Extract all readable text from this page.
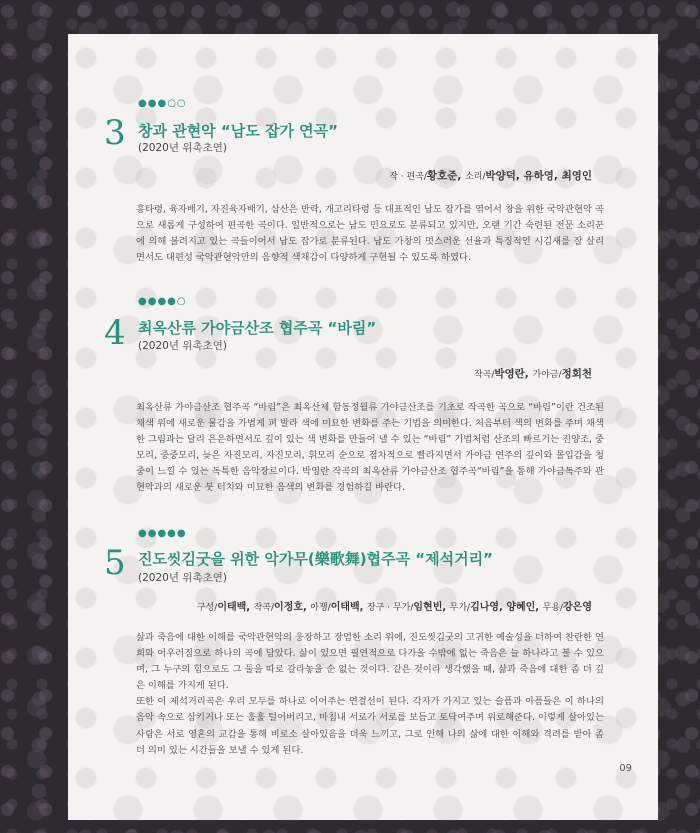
●●●○○
3 창과 관현악 “남도 잡가 연곡”
(2020년 위촉초연)
작 · 편곡/황호준, 소리/박양덕, 유하영, 최영인

흥타령, 육자배기, 자진육자배기, 삼산은 반락, 개고리타령 등 대표적인 남도 잡가를 엮어서 창을 위한 국악관현악 곡으로 새롭게 구성하여 편곡한 곡이다. 일반적으로는 남도 민요로도 분류되고 있지만, 오랜 기간 숙련된 전문 소리꾼에 의해 불려지고 있는 곡들이어서 남도 잡가로 분류된다. 남도 가창의 멋스러운 선율과 특징적인 시김새를 잘 살리면서도 대편성 국악관현악만의 음향적 색채감이 다양하게 구현될 수 있도록 하였다.

●●●●○
4 최옥산류 가야금산조 협주곡 “바림”
(2020년 위촉초연)
작곡/박영란, 가야금/정회천

최옥산류 가야금산조 협주곡 “바림”은 최옥산제 함동정월류 가야금산조를 기초로 작곡한 곡으로 “바림”이란 건조된 채색 위에 새로운 물감을 가볍게 펴 발라 색에 미묘한 변화를 주는 기법을 의미한다. 처음부터 색의 변화를 주며 채색한 그림과는 달리 은은하면서도 깊이 있는 색 변화를 만들어 낼 수 있는 “바림” 기법처럼 산조의 빠르기는 진양조, 중모리, 중중모리, 늦은 자진모리, 자진모리, 휘모리 순으로 점차적으로 빨라지면서 가야금 연주의 깊이와 몰입감을 청중이 느낄 수 있는 독특한 음악장르이다. 박영란 작곡의 최옥산류 가야금산조 협주곡“바림”을 통해 가야금독주와 관현악과의 새로운 붓 터치와 미묘한 음색의 변화를 경험하길 바란다.

●●●●●
5 진도씻김굿을 위한 악가무(樂歌舞)협주곡 “제석거리”
(2020년 위촉초연)
구성/이태백, 작곡/이정호, 아쟁/이태백, 장구 · 무가/임현빈, 무가/김나영, 양혜인, 무용/강은영

삶과 죽음에 대한 이해를 국악관현악의 웅장하고 장엄한 소리 위에, 진도씻김굿의 고귀한 예술성을 더하여 찬란한 연희와 어우러짐으로 하나의 곡에 담았다. 삶이 있으면 필연적으로 다가올 수밖에 없는 죽음은 늘 하나라고 볼 수 있으며, 그 누구의 힘으로도 그 둘을 따로 갈라놓을 순 없는 것이다. 같은 것이라 생각했을 때, 삶과 죽음에 대한 좀 더 깊은 이해를 가지게 된다.

또한 이 제석거리곡은 우리 모두를 하나로 이어주는 연결선이 된다. 각자가 가지고 있는 슬픔과 아픔들은 이 하나의 음악 속으로 삼키거나 또는 훌훌 털어버리고, 마침내 서로가 서로를 보듬고 토닥여주며 위로해준다. 이렇게 살아있는 사람은 서로 영혼의 교감을 통해 비로소 살아있음을 더욱 느끼고, 그로 인해 나의 삶에 대한 이해와 격려를 받아 좀 더 의미 있는 시간들을 보낼 수 있게 된다.

09
